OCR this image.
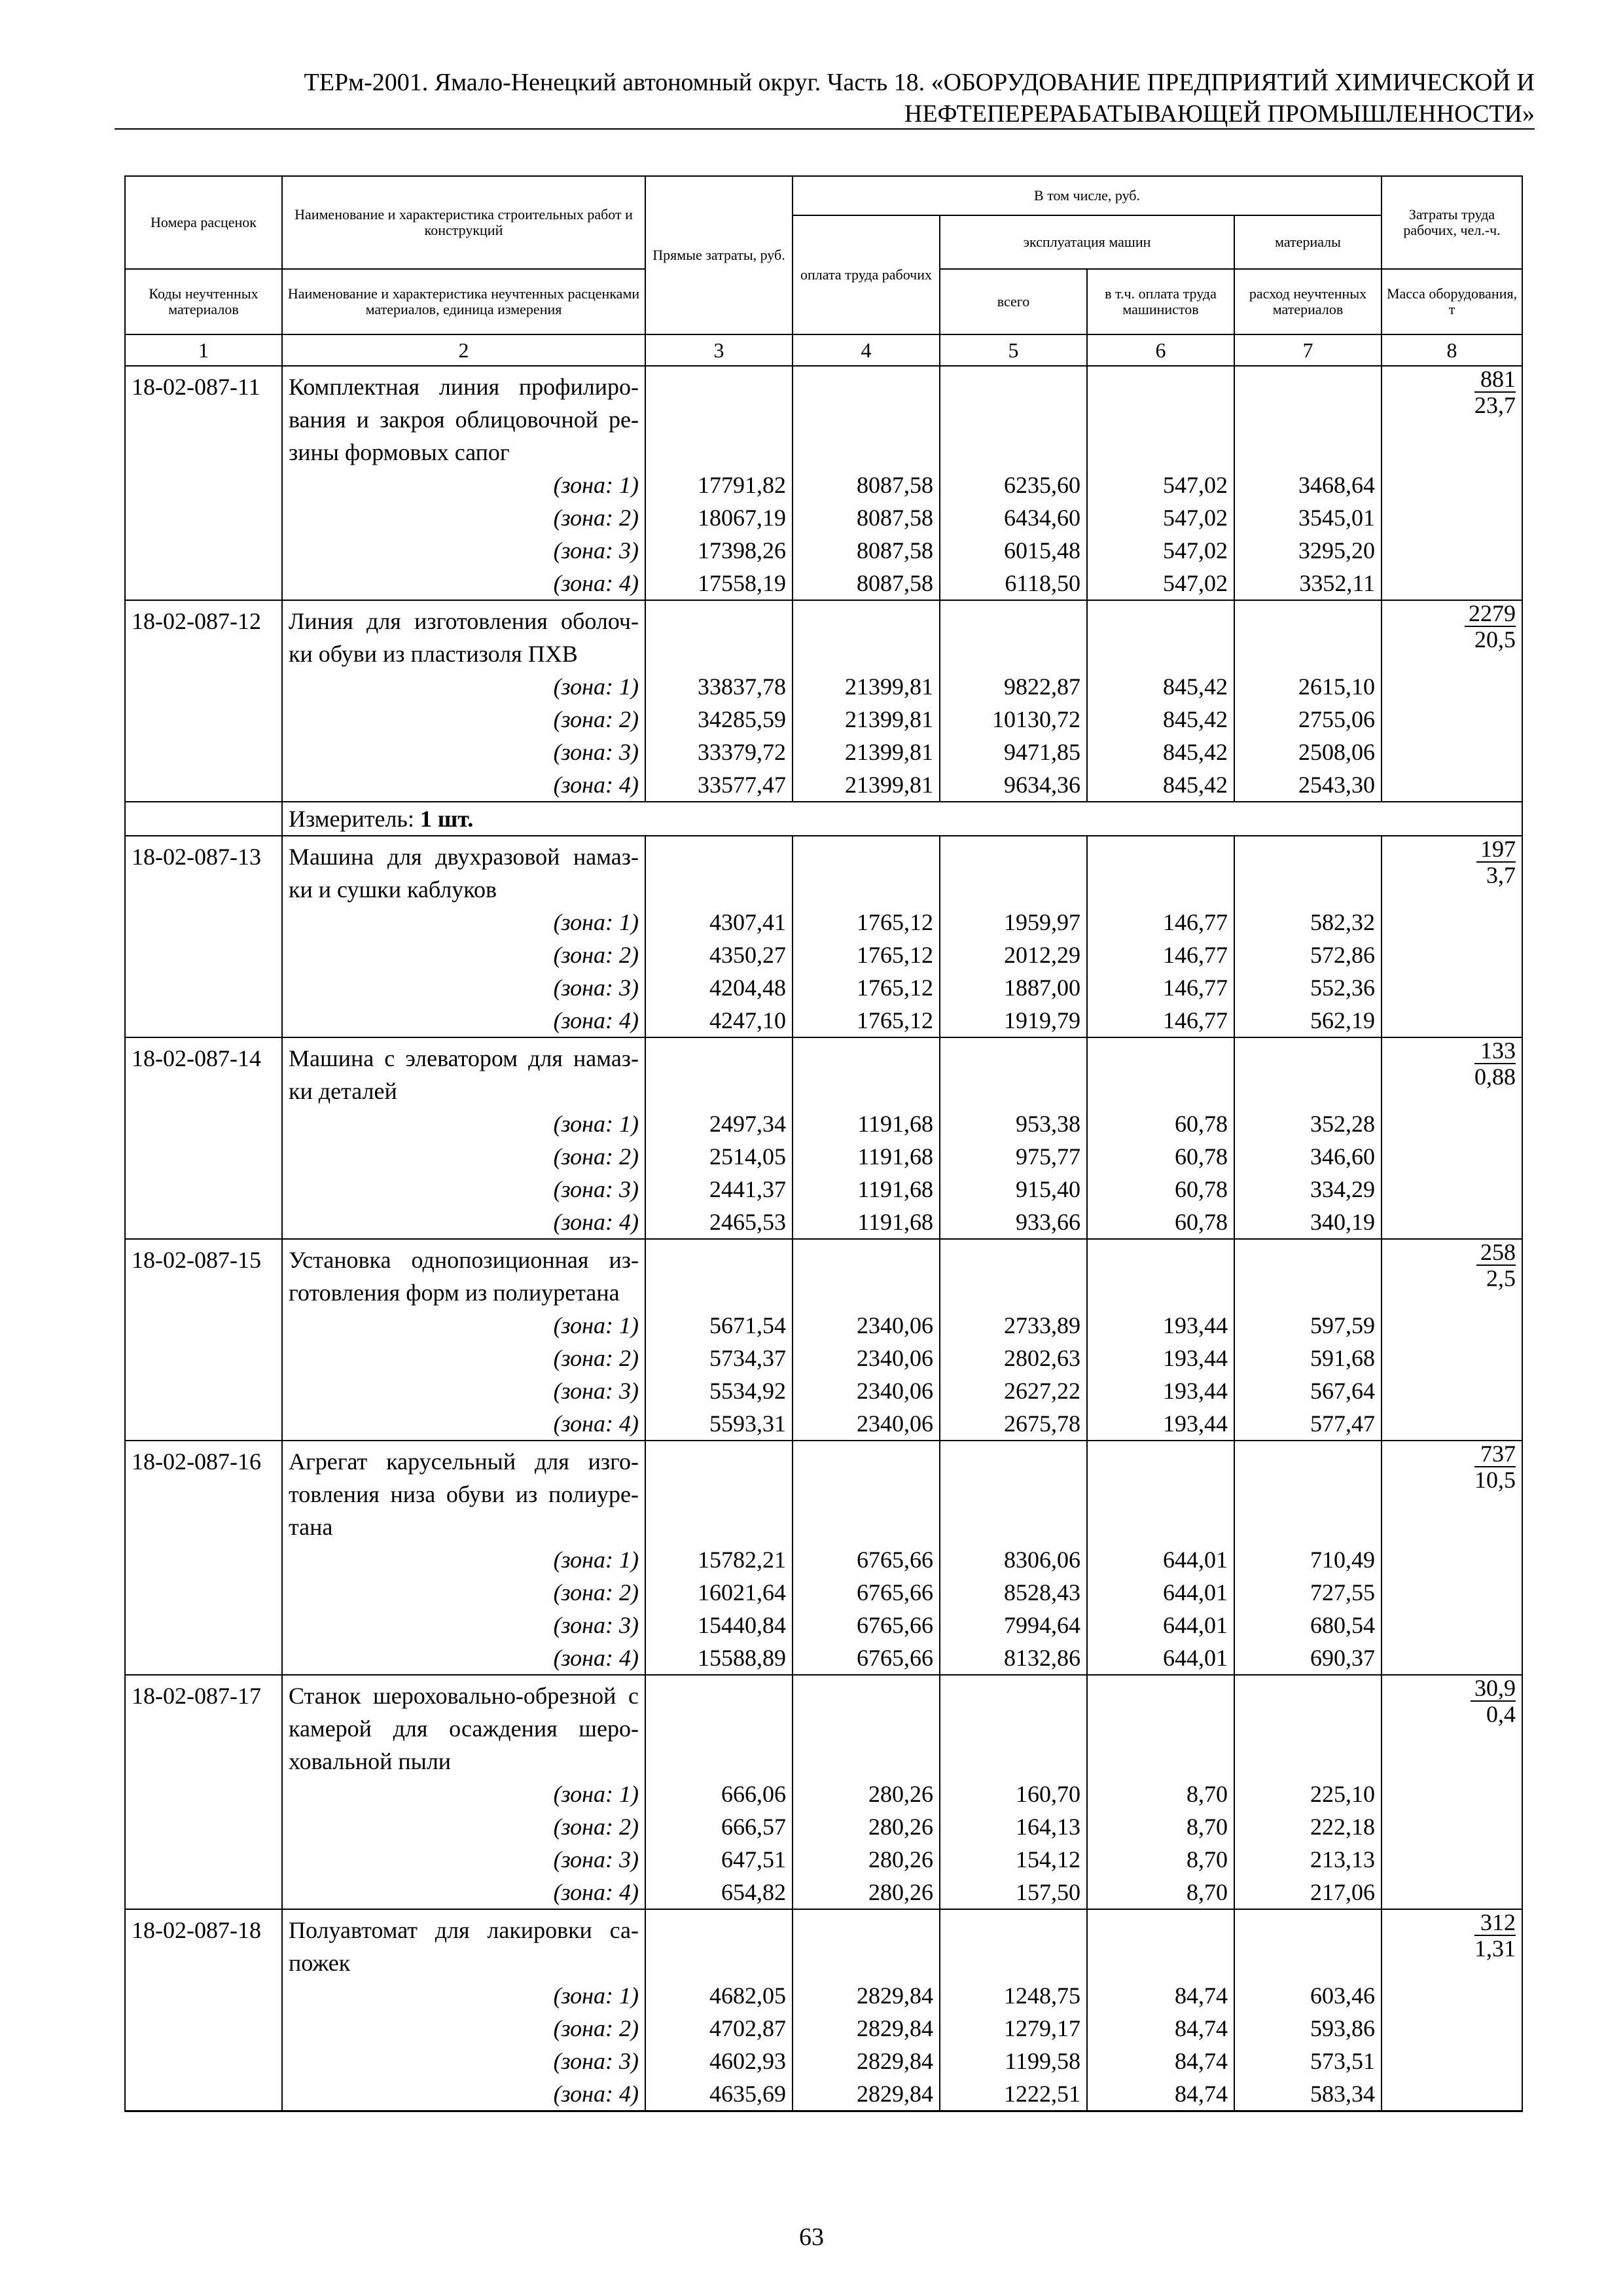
ТЕРм-2001. Ямало-Ненецкий автономный округ. Часть 18. «ОБОРУДОВАНИЕ ПРЕДПРИЯТИЙ ХИМИЧЕСКОЙ И
НЕФТЕПЕРЕРАБАТЫВАЮЩЕЙ ПРОМЫШЛЕННОСТИ»
Номера расценок	Наименование и характеристика строительных работ и конструкций	Прямые затраты, руб.	В том числе, руб.				Затраты труда рабочих, чел.-ч.
			оплата труда рабочих	эксплуатация машин		материалы	
Коды неучтенных материалов	Наименование и характеристика неучтенных расценками материалов, единица измерения			всего	в т.ч. оплата труда машинистов	расход неучтенных материалов	Масса оборудования, т
1	2	3	4	5	6	7	8
18-02-087-11	Комплектная линия профилиро-вания и закроя облицовочной ре-зины формовых сапог						$\frac{881}{23,7}$

	(зона: 1)	17791,82	8087,58	6235,60	547,02	3468,64	
	(зона: 2)	18067,19	8087,58	6434,60	547,02	3545,01	
	(зона: 3)	17398,26	8087,58	6015,48	547,02	3295,20	
	(зона: 4)	17558,19	8087,58	6118,50	547,02	3352,11	
18-02-087-12	Линия для изготовления оболоч-ки обуви из пластизоля ПХВ						$\frac{2279}{20,5}$

	(зона: 1)	33837,78	21399,81	9822,87	845,42	2615,10	
	(зона: 2)	34285,59	21399,81	10130,72	845,42	2755,06	
	(зона: 3)	33379,72	21399,81	9471,85	845,42	2508,06	
	(зона: 4)	33577,47	21399,81	9634,36	845,42	2543,30	
	Измеритель: 1 шт.						
18-02-087-13	Машина для двухразовой намаз-ки и сушки каблуков						$\frac{197}{3,7}$

	(зона: 1)	4307,41	1765,12	1959,97	146,77	582,32	
	(зона: 2)	4350,27	1765,12	2012,29	146,77	572,86	
	(зона: 3)	4204,48	1765,12	1887,00	146,77	552,36	
	(зона: 4)	4247,10	1765,12	1919,79	146,77	562,19	
18-02-087-14	Машина с элеватором для намаз-ки деталей						$\frac{133}{0,88}$

	(зона: 1)	2497,34	1191,68	953,38	60,78	352,28	
	(зона: 2)	2514,05	1191,68	975,77	60,78	346,60	
	(зона: 3)	2441,37	1191,68	915,40	60,78	334,29	
	(зона: 4)	2465,53	1191,68	933,66	60,78	340,19	
18-02-087-15	Установка однопозиционная из-готовления форм из полиуретана						$\frac{258}{2,5}$

	(зона: 1)	5671,54	2340,06	2733,89	193,44	597,59	
	(зона: 2)	5734,37	2340,06	2802,63	193,44	591,68	
	(зона: 3)	5534,92	2340,06	2627,22	193,44	567,64	
	(зона: 4)	5593,31	2340,06	2675,78	193,44	577,47	
18-02-087-16	Агрегат карусельный для изго-товления низа обуви из полиуре-тана						$\frac{737}{10,5}$

	(зона: 1)	15782,21	6765,66	8306,06	644,01	710,49	
	(зона: 2)	16021,64	6765,66	8528,43	644,01	727,55	
	(зона: 3)	15440,84	6765,66	7994,64	644,01	680,54	
	(зона: 4)	15588,89	6765,66	8132,86	644,01	690,37	
18-02-087-17	Станок шероховально-обрезной с камерой для осаждения шеро-ховальной пыли						$\frac{30,9}{0,4}$

	(зона: 1)	666,06	280,26	160,70	8,70	225,10	
	(зона: 2)	666,57	280,26	164,13	8,70	222,18	
	(зона: 3)	647,51	280,26	154,12	8,70	213,13	
	(зона: 4)	654,82	280,26	157,50	8,70	217,06	
18-02-087-18	Полуавтомат для лакировки са-пожек						$\frac{312}{1,31}$

	(зона: 1)	4682,05	2829,84	1248,75	84,74	603,46	
	(зона: 2)	4702,87	2829,84	1279,17	84,74	593,86	
	(зона: 3)	4602,93	2829,84	1199,58	84,74	573,51	
	(зона: 4)	4635,69	2829,84	1222,51	84,74	583,34	
63
